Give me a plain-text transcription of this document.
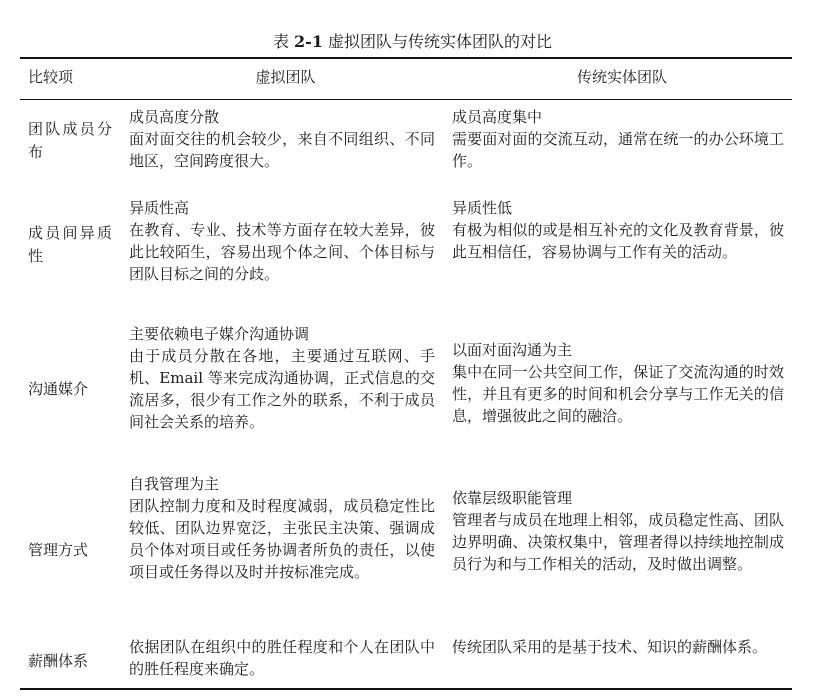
表 2-1 虚拟团队与传统实体团队的对比
比较项	虚拟团队	传统实体团队
团队成员分布
成员高度分散
面对面交往的机会较少，来自不同组织、不同地区，空间跨度很大。
成员高度集中
需要面对面的交流互动，通常在统一的办公环境工作。
成员间异质性
异质性高
在教育、专业、技术等方面存在较大差异，彼此比较陌生，容易出现个体之间、个体目标与团队目标之间的分歧。
异质性低
有极为相似的或是相互补充的文化及教育背景，彼此互相信任，容易协调与工作有关的活动。
沟通媒介
主要依赖电子媒介沟通协调
由于成员分散在各地，主要通过互联网、手机、Email 等来完成沟通协调，正式信息的交流居多，很少有工作之外的联系，不利于成员间社会关系的培养。
以面对面沟通为主
集中在同一公共空间工作，保证了交流沟通的时效性，并且有更多的时间和机会分享与工作无关的信息，增强彼此之间的融洽。
管理方式
自我管理为主
团队控制力度和及时程度减弱，成员稳定性比较低、团队边界宽泛，主张民主决策、强调成员个体对项目或任务协调者所负的责任，以使项目或任务得以及时并按标准完成。
依靠层级职能管理
管理者与成员在地理上相邻，成员稳定性高、团队边界明确、决策权集中，管理者得以持续地控制成员行为和与工作相关的活动，及时做出调整。
薪酬体系
依据团队在组织中的胜任程度和个人在团队中的胜任程度来确定。
传统团队采用的是基于技术、知识的薪酬体系。
